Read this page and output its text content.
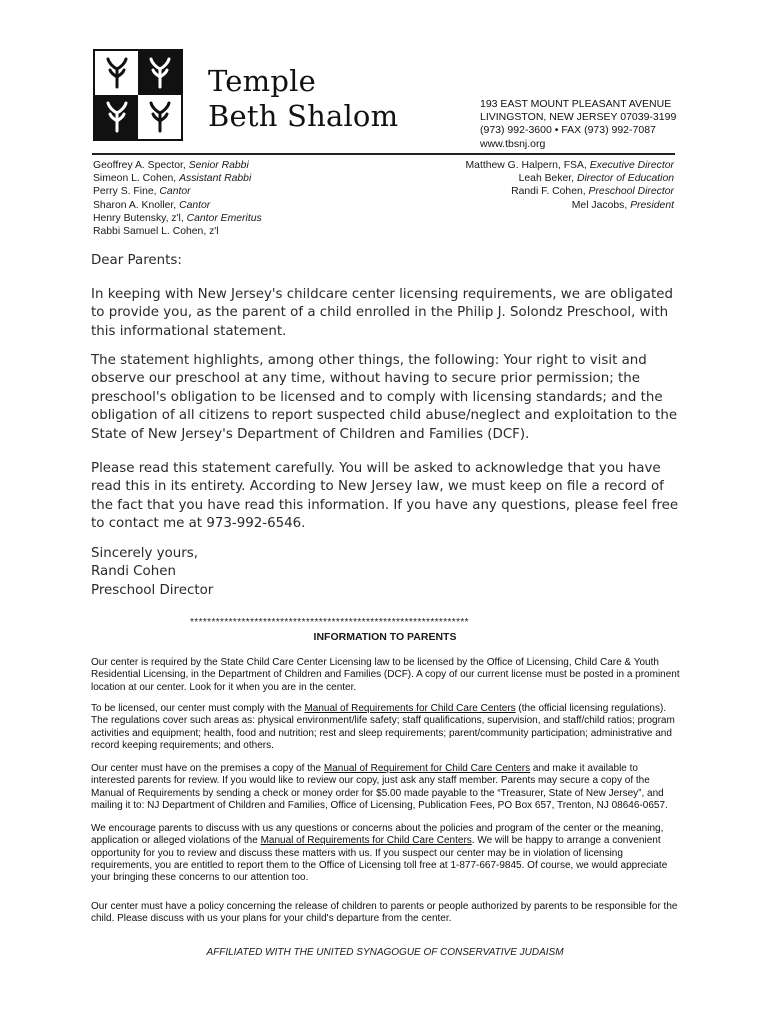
Temple
Beth Shalom	193 EAST MOUNT PLEASANT AVENUE
LIVINGSTON, NEW JERSEY 07039-3199
(973) 992-3600 • FAX (973) 992-7087
www.tbsnj.org
Geoffrey A. Spector, Senior Rabbi
Simeon L. Cohen, Assistant Rabbi
Perry S. Fine, Cantor
Sharon A. Knoller, Cantor
Henry Butensky, z'l, Cantor Emeritus
Rabbi Samuel L. Cohen, z'l
Matthew G. Halpern, FSA, Executive Director
Leah Beker, Director of Education
Randi F. Cohen, Preschool Director
Mel Jacobs, President
Dear Parents:
In keeping with New Jersey's childcare center licensing requirements, we are obligated to provide you, as the parent of a child enrolled in the Philip J. Solondz Preschool, with this informational statement.
The statement highlights, among other things, the following: Your right to visit and observe our preschool at any time, without having to secure prior permission; the preschool's obligation to be licensed and to comply with licensing standards; and the obligation of all citizens to report suspected child abuse/neglect and exploitation to the State of New Jersey's Department of Children and Families (DCF).
Please read this statement carefully. You will be asked to acknowledge that you have read this in its entirety. According to New Jersey law, we must keep on file a record of the fact that you have read this information. If you have any questions, please feel free to contact me at 973-992-6546.
Sincerely yours,
Randi Cohen
Preschool Director
*****************************************************************
INFORMATION TO PARENTS
Our center is required by the State Child Care Center Licensing law to be licensed by the Office of Licensing, Child Care & Youth Residential Licensing, in the Department of Children and Families (DCF). A copy of our current license must be posted in a prominent location at our center. Look for it when you are in the center.
To be licensed, our center must comply with the Manual of Requirements for Child Care Centers (the official licensing regulations). The regulations cover such areas as: physical environment/life safety; staff qualifications, supervision, and staff/child ratios; program activities and equipment; health, food and nutrition; rest and sleep requirements; parent/community participation; administrative and record keeping requirements; and others.
Our center must have on the premises a copy of the Manual of Requirement for Child Care Centers and make it available to interested parents for review. If you would like to review our copy, just ask any staff member. Parents may secure a copy of the Manual of Requirements by sending a check or money order for $5.00 made payable to the “Treasurer, State of New Jersey”, and mailing it to: NJ Department of Children and Families, Office of Licensing, Publication Fees, PO Box 657, Trenton, NJ 08646-0657.
We encourage parents to discuss with us any questions or concerns about the policies and program of the center or the meaning, application or alleged violations of the Manual of Requirements for Child Care Centers. We will be happy to arrange a convenient opportunity for you to review and discuss these matters with us. If you suspect our center may be in violation of licensing requirements, you are entitled to report them to the Office of Licensing toll free at 1-877-667-9845. Of course, we would appreciate your bringing these concerns to our attention too.
Our center must have a policy concerning the release of children to parents or people authorized by parents to be responsible for the child. Please discuss with us your plans for your child's departure from the center.
AFFILIATED WITH THE UNITED SYNAGOGUE OF CONSERVATIVE JUDAISM
